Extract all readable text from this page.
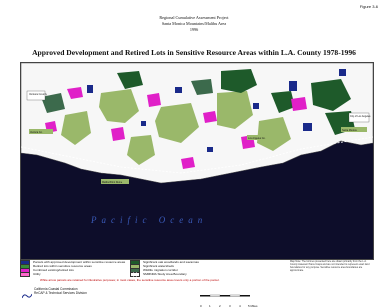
Figure 3-6
Regional Cumulative Assessment Project
Santa Monica Mountains/Malibu Area
1996
Approved Development and Retired Lots in Sensitive Resource Areas within L.A. County 1978-1996
Ventura County
City of Los Angeles
Ventura Co.
Los Angeles Co.
Malibu/Point Dume
Santa Monica
Pacific Ocean
Parcels with approved development within sensitive resource areas
Retired lots within sensitive resource areas
Combined existing/retired lots
Utility
Significant oak woodlands and savannas
Significant watersheds
Wildlife migration corridor
SMMNRA Study Area Boundary
White arrow parcels are retained for illustrative purposes; in most cases, the sensitive resource area covers only a portion of the parcel.
California Coastal Commission
ReCAP & Technical Services Division
0 1	2	3	4 5 Miles
Map Note: The lot lines presented here are drawn primarily from the L.A. County Assessor Parcel maps and are not intended to represent exact land boundaries for any purpose. Sensitive resource area boundaries are approximate.
